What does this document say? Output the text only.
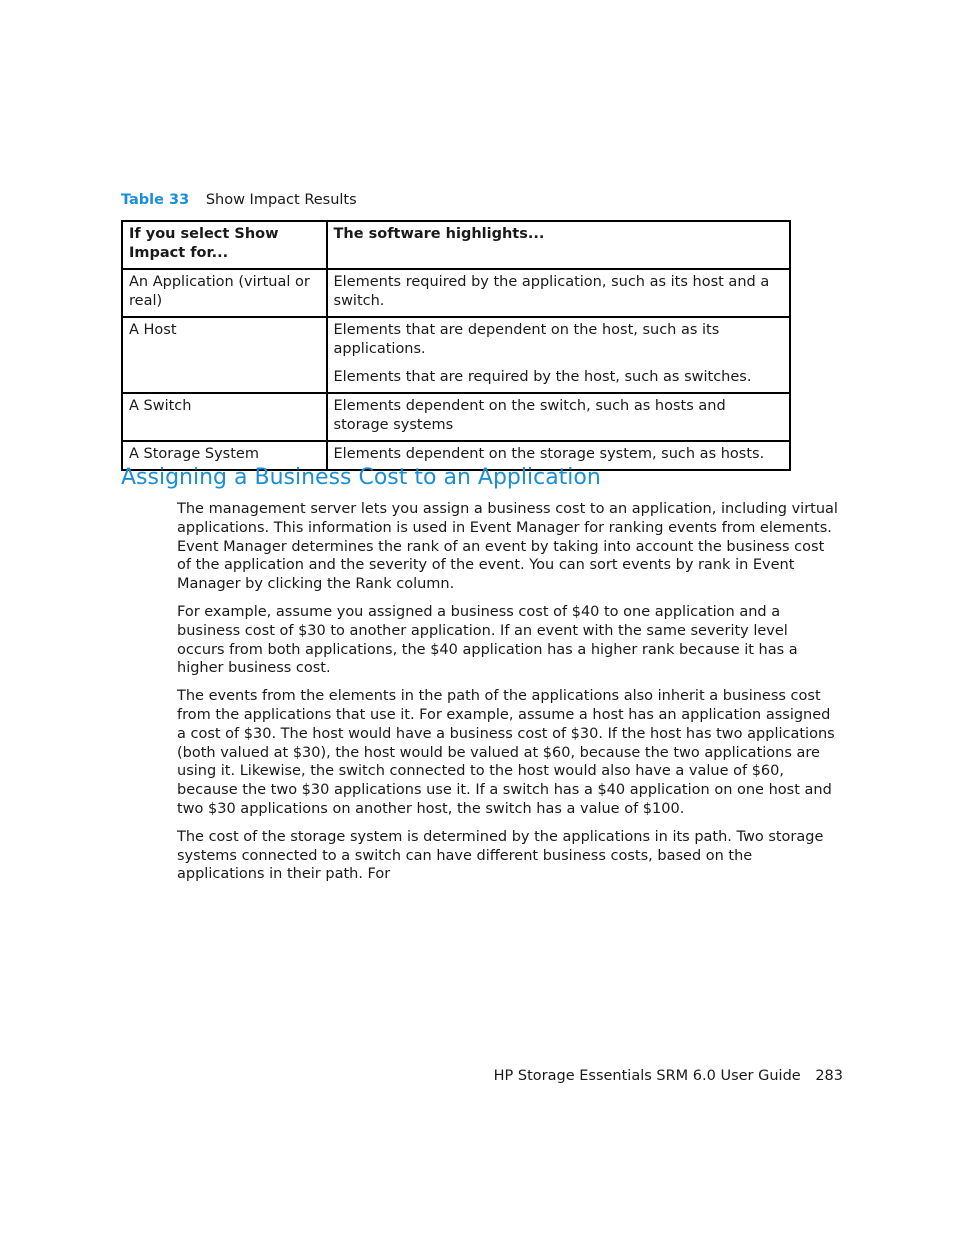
Table 33 Show Impact Results
If you select Show Impact for...	The software highlights...
An Application (virtual or real)	Elements required by the application, such as its host and a switch.

A Host	Elements that are dependent on the host, such as its applications.

Elements that are required by the host, such as switches.

A Switch	Elements dependent on the switch, such as hosts and storage systems

A Storage System	Elements dependent on the storage system, such as hosts.

Assigning a Business Cost to an Application

The management server lets you assign a business cost to an application, including virtual applications. This information is used in Event Manager for ranking events from elements. Event Manager determines the rank of an event by taking into account the business cost of the application and the severity of the event. You can sort events by rank in Event Manager by clicking the Rank column.

For example, assume you assigned a business cost of $40 to one application and a business cost of $30 to another application. If an event with the same severity level occurs from both applications, the $40 application has a higher rank because it has a higher business cost.

The events from the elements in the path of the applications also inherit a business cost from the applications that use it. For example, assume a host has an application assigned a cost of $30. The host would have a business cost of $30. If the host has two applications (both valued at $30), the host would be valued at $60, because the two applications are using it. Likewise, the switch connected to the host would also have a value of $60, because the two $30 applications use it. If a switch has a $40 application on one host and two $30 applications on another host, the switch has a value of $100.

The cost of the storage system is determined by the applications in its path. Two storage systems connected to a switch can have different business costs, based on the applications in their path. For

HP Storage Essentials SRM 6.0 User Guide 283
